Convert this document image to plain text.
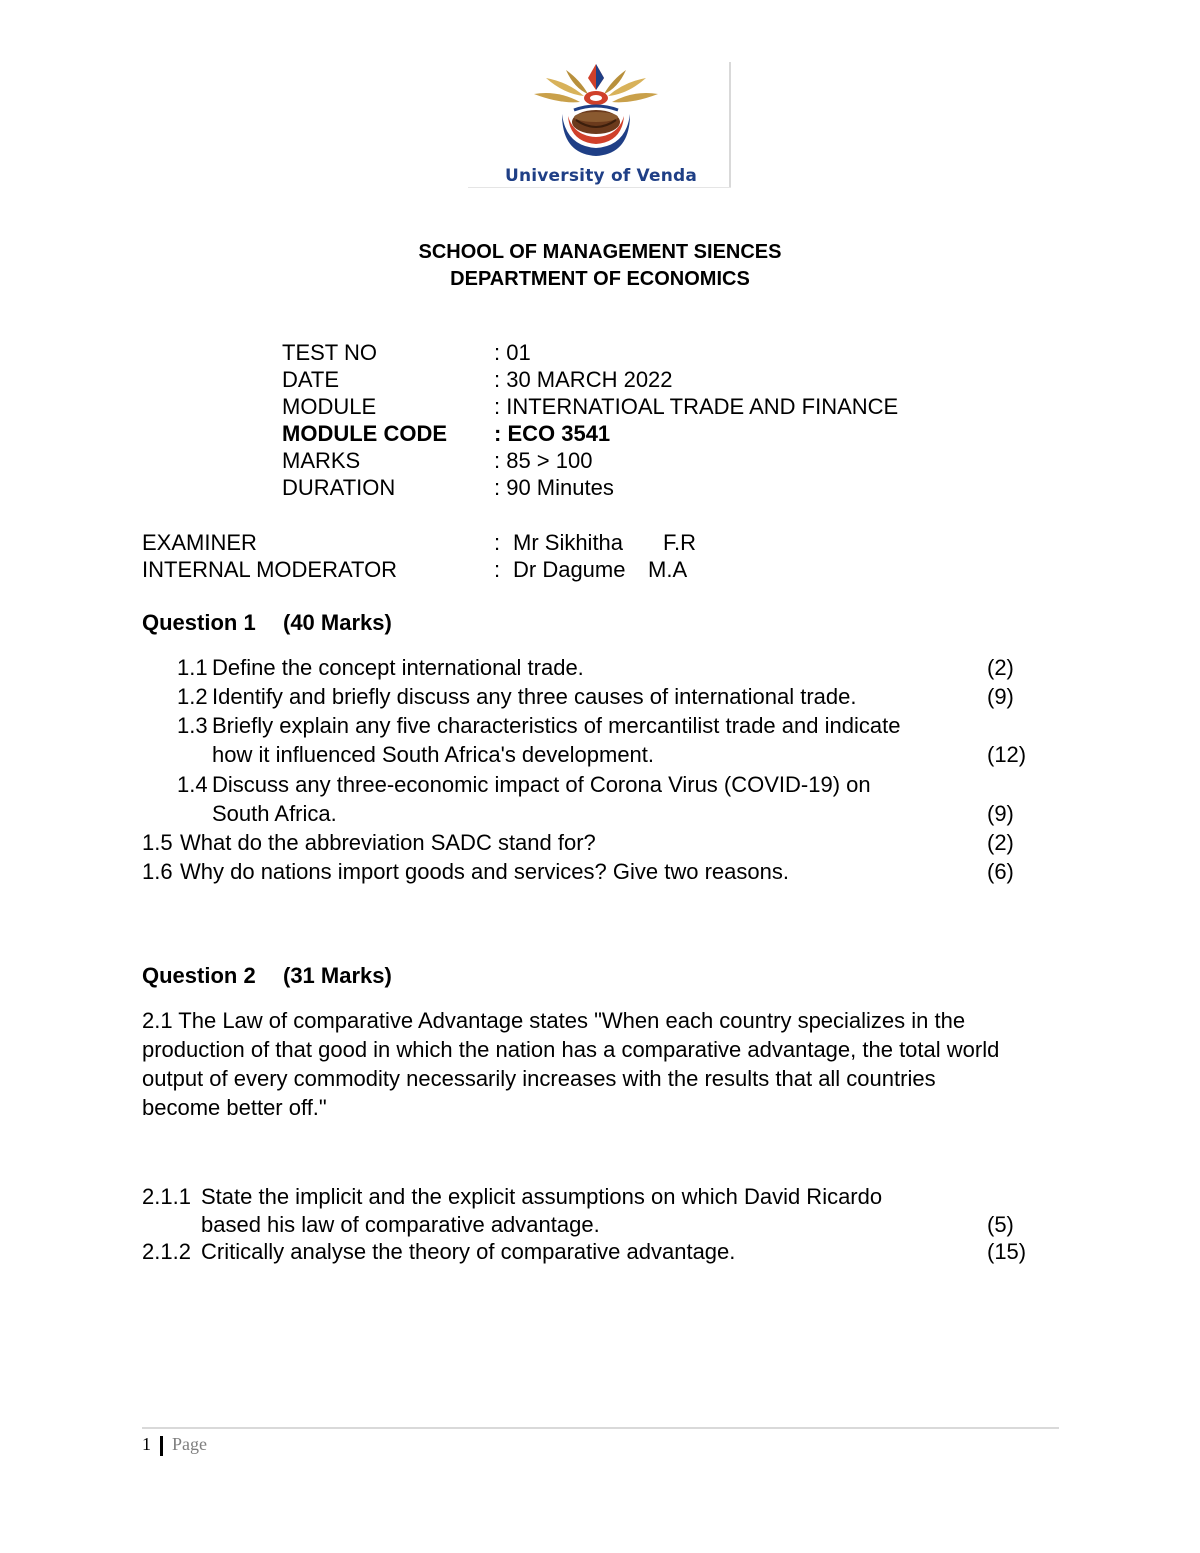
University of Venda
SCHOOL OF MANAGEMENT SIENCES
DEPARTMENT OF ECONOMICS
TEST NO	: 01
DATE	: 30 MARCH 2022
MODULE	: INTERNATIOAL TRADE AND FINANCE
MODULE CODE : ECO 3541
MARKS	: 85 > 100
DURATION	: 90 Minutes
EXAMINER	: Mr Sikhitha F.R
INTERNAL MODERATOR	: Dr Dagume M.A
Question 1 (40 Marks)
1.1 Define the concept international trade.	(2)
1.2 Identify and briefly discuss any three causes of international trade.	(9)
1.3 Briefly explain any five characteristics of mercantilist trade and indicate
how it influenced South Africa's development.	(12)
1.4 Discuss any three-economic impact of Corona Virus (COVID-19) on
South Africa.	(9)
1.5 What do the abbreviation SADC stand for?	(2)
1.6 Why do nations import goods and services? Give two reasons.	(6)
Question 2 (31 Marks)
2.1 The Law of comparative Advantage states "When each country specializes in the
production of that good in which the nation has a comparative advantage, the total world
output of every commodity necessarily increases with the results that all countries
become better off."
2.1.1 State the implicit and the explicit assumptions on which David Ricardo
based his law of comparative advantage.	(5)
2.1.2 Critically analyse the theory of comparative advantage.	(15)
1 Page
